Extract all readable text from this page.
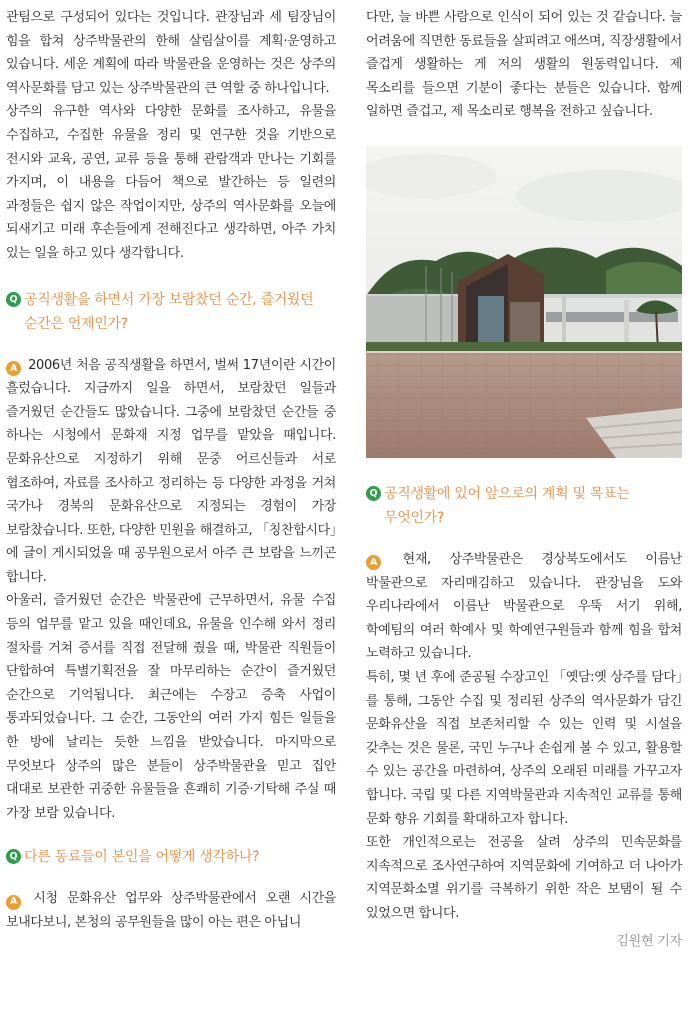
관팀으로 구성되어 있다는 것입니다. 관장님과 세 팀장님이 힘을 합쳐 상주박물관의 한해 살림살이를 계획·운영하고 있습니다. 세운 계획에 따라 박물관을 운영하는 것은 상주의 역사문화를 담고 있는 상주박물관의 큰 역할 중 하나입니다.

상주의 유구한 역사와 다양한 문화를 조사하고, 유물을 수집하고, 수집한 유물을 정리 및 연구한 것을 기반으로 전시와 교육, 공연, 교류 등을 통해 관람객과 만나는 기회를 가지며, 이 내용을 다듬어 책으로 발간하는 등 일련의 과정들은 쉽지 않은 작업이지만, 상주의 역사문화를 오늘에 되새기고 미래 후손들에게 전해진다고 생각하면, 아주 가치 있는 일을 하고 있다 생각합니다.

Q 공직생활을 하면서 가장 보람찼던 순간, 즐거웠던 순간은 언제인가?

A 2006년 처음 공직생활을 하면서, 벌써 17년이란 시간이 흘렀습니다. 지금까지 일을 하면서, 보람찼던 일들과 즐거웠던 순간들도 많았습니다. 그중에 보람찼던 순간들 중 하나는 시청에서 문화재 지정 업무를 맡았을 때입니다. 문화유산으로 지정하기 위해 문중 어르신들과 서로 협조하여, 자료를 조사하고 정리하는 등 다양한 과정을 거쳐 국가나 경북의 문화유산으로 지정되는 경험이 가장 보람찼습니다. 또한, 다양한 민원을 해결하고, 「칭찬합시다」에 글이 게시되었을 때 공무원으로서 아주 큰 보람을 느끼곤 합니다.

아울러, 즐거웠던 순간은 박물관에 근무하면서, 유물 수집 등의 업무를 맡고 있을 때인데요, 유물을 인수해 와서 정리 절차를 거쳐 증서를 직접 전달해 줬을 때, 박물관 직원들이 단합하여 특별기획전을 잘 마무리하는 순간이 즐거웠던 순간으로 기억됩니다. 최근에는 수장고 증축 사업이 통과되었습니다. 그 순간, 그동안의 여러 가지 힘든 일들을 한 방에 날리는 듯한 느낌을 받았습니다. 마지막으로 무엇보다 상주의 많은 분들이 상주박물관을 믿고 집안 대대로 보관한 귀중한 유물들을 흔쾌히 기증·기탁해 주실 때 가장 보람 있습니다.

Q 다른 동료들이 본인을 어떻게 생각하나?

A 시청 문화유산 업무와 상주박물관에서 오랜 시간을 보내다보니, 본청의 공무원들을 많이 아는 편은 아닙니

다만, 늘 바쁜 사람으로 인식이 되어 있는 것 같습니다. 늘 어려움에 직면한 동료들을 살피려고 애쓰며, 직장생활에서 즐겁게 생활하는 게 저의 생활의 원동력입니다. 제 목소리를 들으면 기분이 좋다는 분들은 있습니다. 함께 일하면 즐겁고, 제 목소리로 행복을 전하고 싶습니다.

Q 공직생활에 있어 앞으로의 계획 및 목표는 무엇인가?

A 현재, 상주박물관은 경상북도에서도 이름난 박물관으로 자리매김하고 있습니다. 관장님을 도와 우리나라에서 이름난 박물관으로 우뚝 서기 위해, 학예팀의 여러 학예사 및 학예연구원들과 함께 힘을 합쳐 노력하고 있습니다.

특히, 몇 년 후에 준공될 수장고인 「옛담:옛 상주를 담다」를 통해, 그동안 수집 및 정리된 상주의 역사문화가 담긴 문화유산을 직접 보존처리할 수 있는 인력 및 시설을 갖추는 것은 물론, 국민 누구나 손쉽게 볼 수 있고, 활용할 수 있는 공간을 마련하여, 상주의 오래된 미래를 가꾸고자 합니다. 국립 및 다른 지역박물관과 지속적인 교류를 통해 문화 향유 기회를 확대하고자 합니다.

또한 개인적으로는 전공을 살려 상주의 민속문화를 지속적으로 조사연구하여 지역문화에 기여하고 더 나아가 지역문화소멸 위기를 극복하기 위한 작은 보탬이 될 수 있었으면 합니다.

김원현 기자
